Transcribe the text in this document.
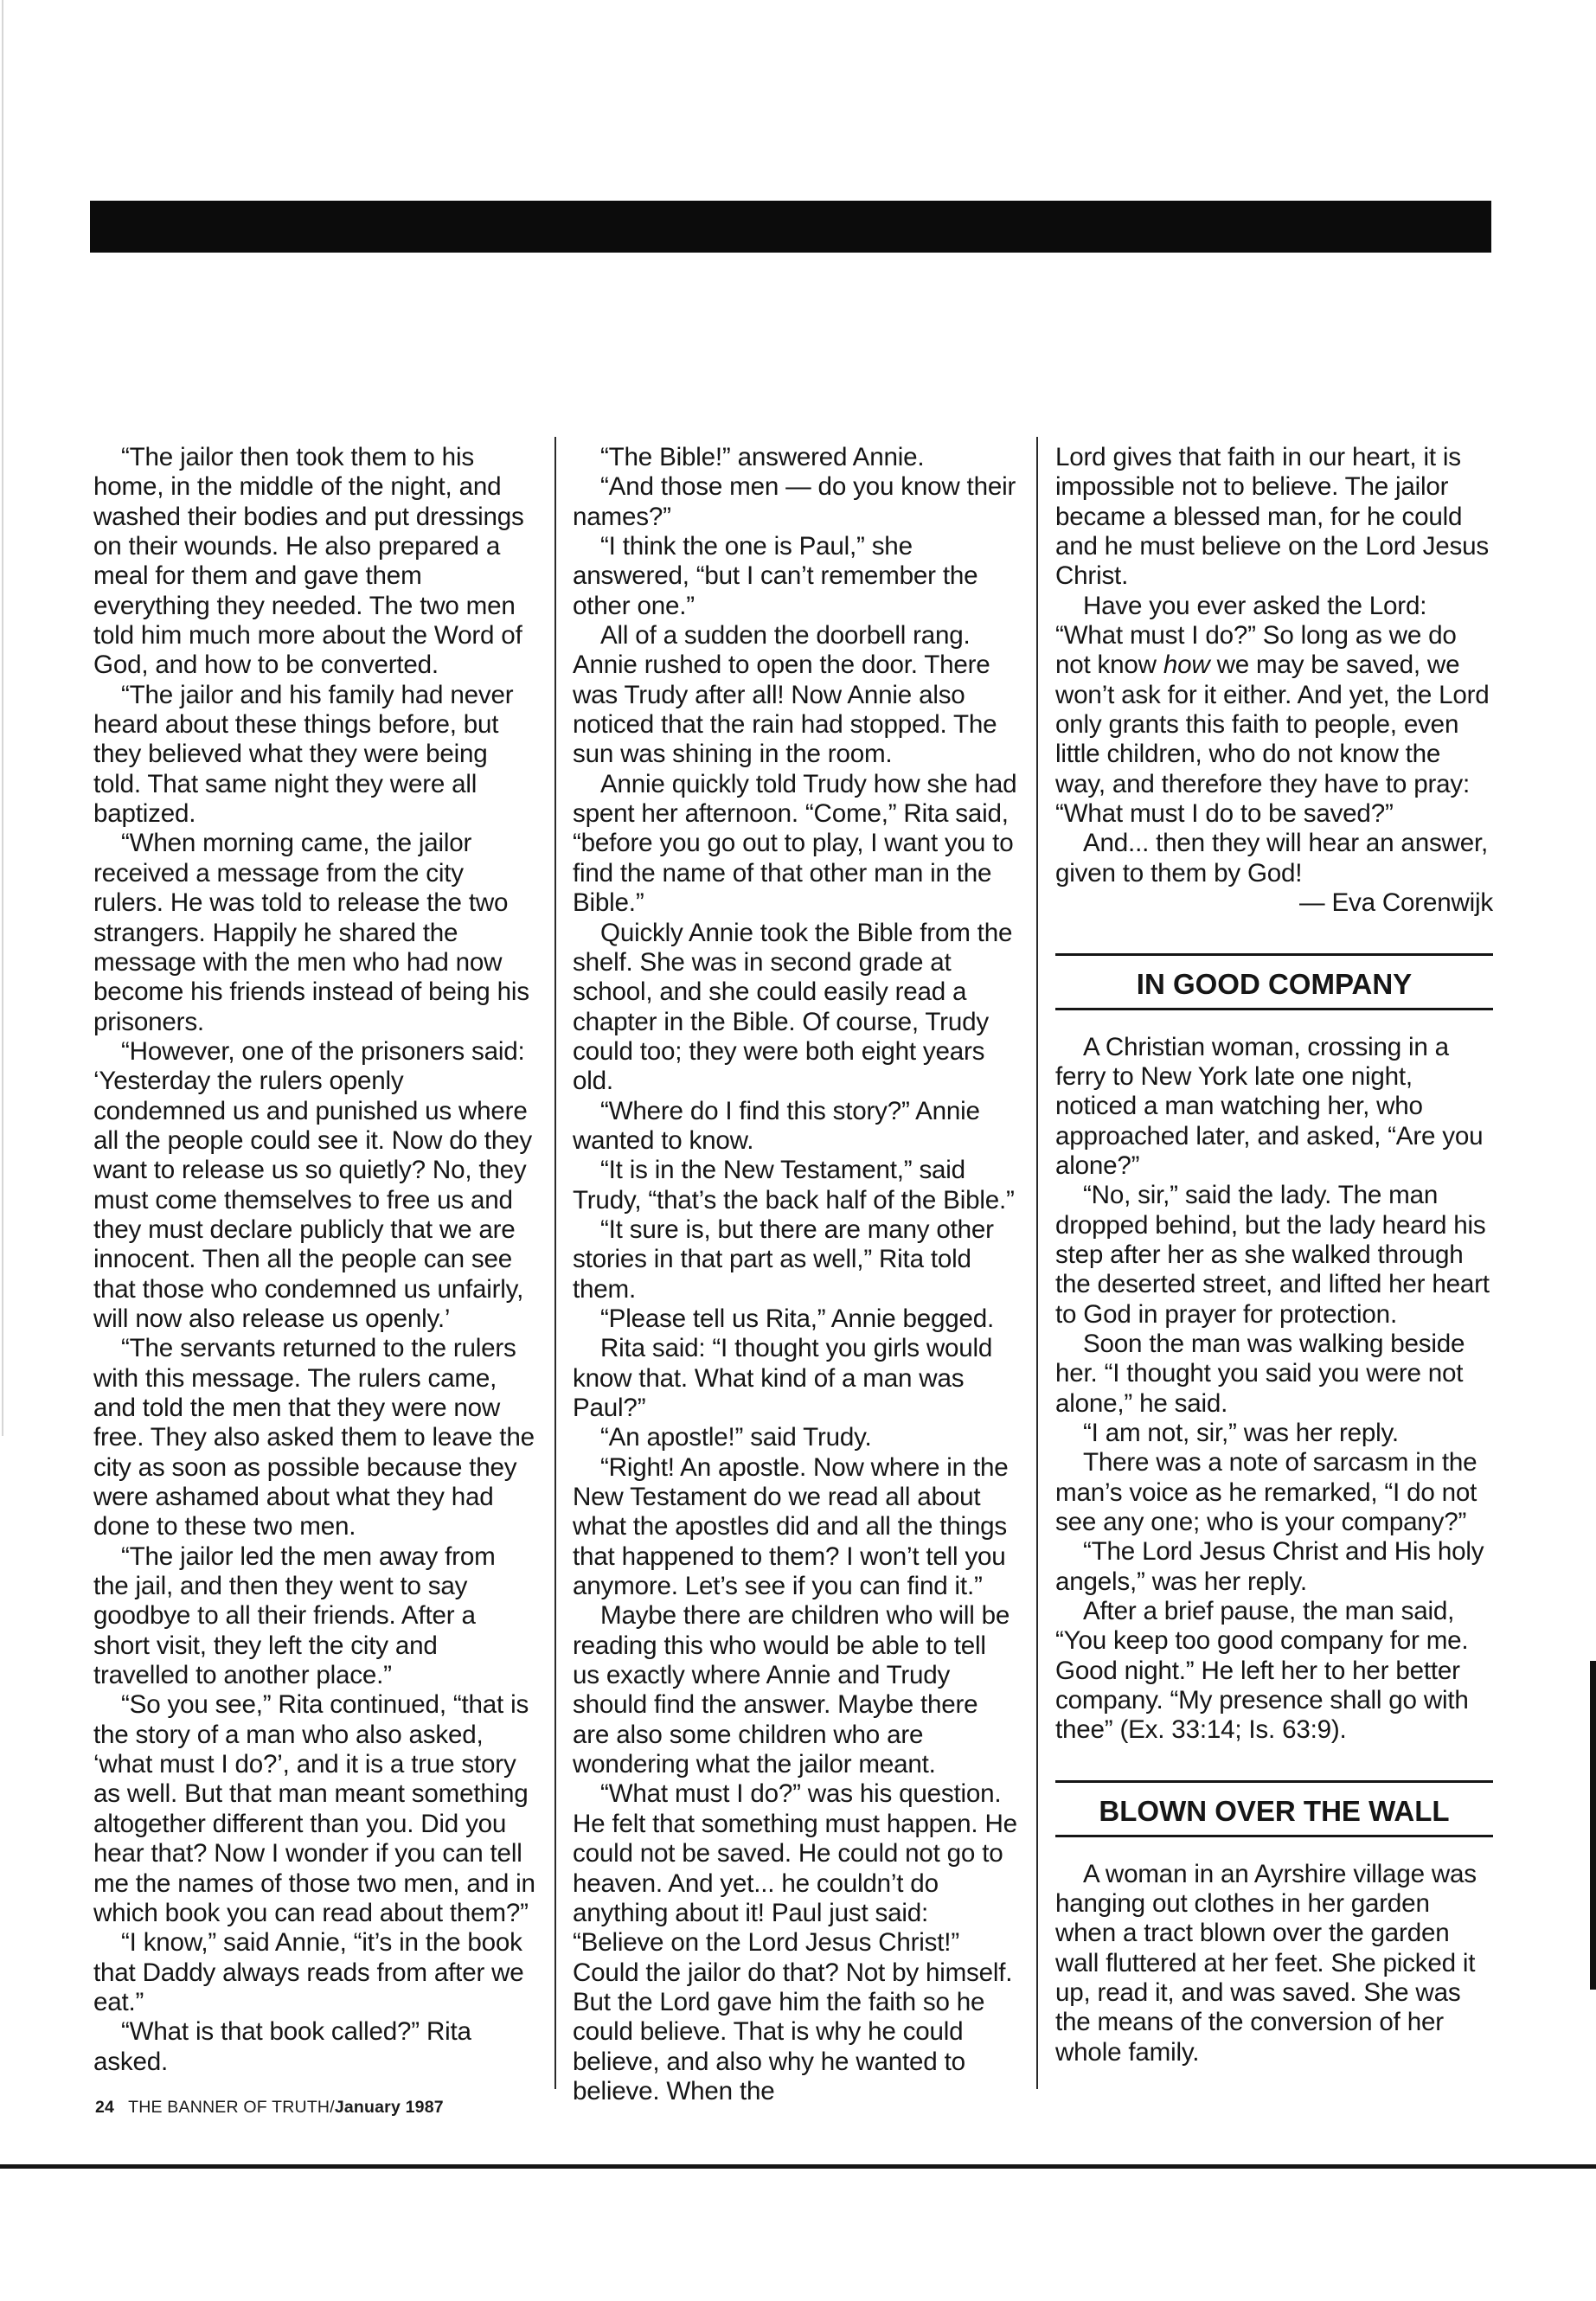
“The jailor then took them to his home, in the middle of the night, and washed their bodies and put dressings on their wounds. He also prepared a meal for them and gave them everything they needed. The two men told him much more about the Word of God, and how to be converted.

“The jailor and his family had never heard about these things before, but they believed what they were being told. That same night they were all baptized.

“When morning came, the jailor received a message from the city rulers. He was told to release the two strangers. Happily he shared the message with the men who had now become his friends instead of being his prisoners.

“However, one of the prisoners said: ‘Yesterday the rulers openly condemned us and punished us where all the people could see it. Now do they want to release us so quietly? No, they must come themselves to free us and they must declare publicly that we are innocent. Then all the people can see that those who condemned us unfairly, will now also release us openly.’

“The servants returned to the rulers with this message. The rulers came, and told the men that they were now free. They also asked them to leave the city as soon as possible because they were ashamed about what they had done to these two men.

“The jailor led the men away from the jail, and then they went to say goodbye to all their friends. After a short visit, they left the city and travelled to another place.”

“So you see,” Rita continued, “that is the story of a man who also asked, ‘what must I do?’, and it is a true story as well. But that man meant something altogether different than you. Did you hear that? Now I wonder if you can tell me the names of those two men, and in which book you can read about them?”

“I know,” said Annie, “it’s in the book that Daddy always reads from after we eat.”

“What is that book called?” Rita asked.

“The Bible!” answered Annie.

“And those men — do you know their names?”

“I think the one is Paul,” she answered, “but I can’t remember the other one.”

All of a sudden the doorbell rang. Annie rushed to open the door. There was Trudy after all! Now Annie also noticed that the rain had stopped. The sun was shining in the room.

Annie quickly told Trudy how she had spent her afternoon. “Come,” Rita said, “before you go out to play, I want you to find the name of that other man in the Bible.”

Quickly Annie took the Bible from the shelf. She was in second grade at school, and she could easily read a chapter in the Bible. Of course, Trudy could too; they were both eight years old.

“Where do I find this story?” Annie wanted to know.

“It is in the New Testament,” said Trudy, “that’s the back half of the Bible.”

“It sure is, but there are many other stories in that part as well,” Rita told them.

“Please tell us Rita,” Annie begged.

Rita said: “I thought you girls would know that. What kind of a man was Paul?”

“An apostle!” said Trudy.

“Right! An apostle. Now where in the New Testament do we read all about what the apostles did and all the things that happened to them? I won’t tell you anymore. Let’s see if you can find it.”

Maybe there are children who will be reading this who would be able to tell us exactly where Annie and Trudy should find the answer. Maybe there are also some children who are wondering what the jailor meant.

“What must I do?” was his question. He felt that something must happen. He could not be saved. He could not go to heaven. And yet... he couldn’t do anything about it! Paul just said: “Believe on the Lord Jesus Christ!” Could the jailor do that? Not by himself. But the Lord gave him the faith so he could believe. That is why he could believe, and also why he wanted to believe. When the

Lord gives that faith in our heart, it is impossible not to believe. The jailor became a blessed man, for he could and he must believe on the Lord Jesus Christ.

Have you ever asked the Lord: “What must I do?” So long as we do not know how we may be saved, we won’t ask for it either. And yet, the Lord only grants this faith to people, even little children, who do not know the way, and therefore they have to pray: “What must I do to be saved?”

And... then they will hear an answer, given to them by God!

— Eva Corenwijk

IN GOOD COMPANY

A Christian woman, crossing in a ferry to New York late one night, noticed a man watching her, who approached later, and asked, “Are you alone?”

“No, sir,” said the lady. The man dropped behind, but the lady heard his step after her as she walked through the deserted street, and lifted her heart to God in prayer for protection.

Soon the man was walking beside her. “I thought you said you were not alone,” he said.

“I am not, sir,” was her reply.

There was a note of sarcasm in the man’s voice as he remarked, “I do not see any one; who is your company?”

“The Lord Jesus Christ and His holy angels,” was her reply.

After a brief pause, the man said, “You keep too good company for me. Good night.” He left her to her better company. “My presence shall go with thee” (Ex. 33:14; Is. 63:9).

BLOWN OVER THE WALL

A woman in an Ayrshire village was hanging out clothes in her garden when a tract blown over the garden wall fluttered at her feet. She picked it up, read it, and was saved. She was the means of the conversion of her whole family.

24 THE BANNER OF TRUTH/January 1987
